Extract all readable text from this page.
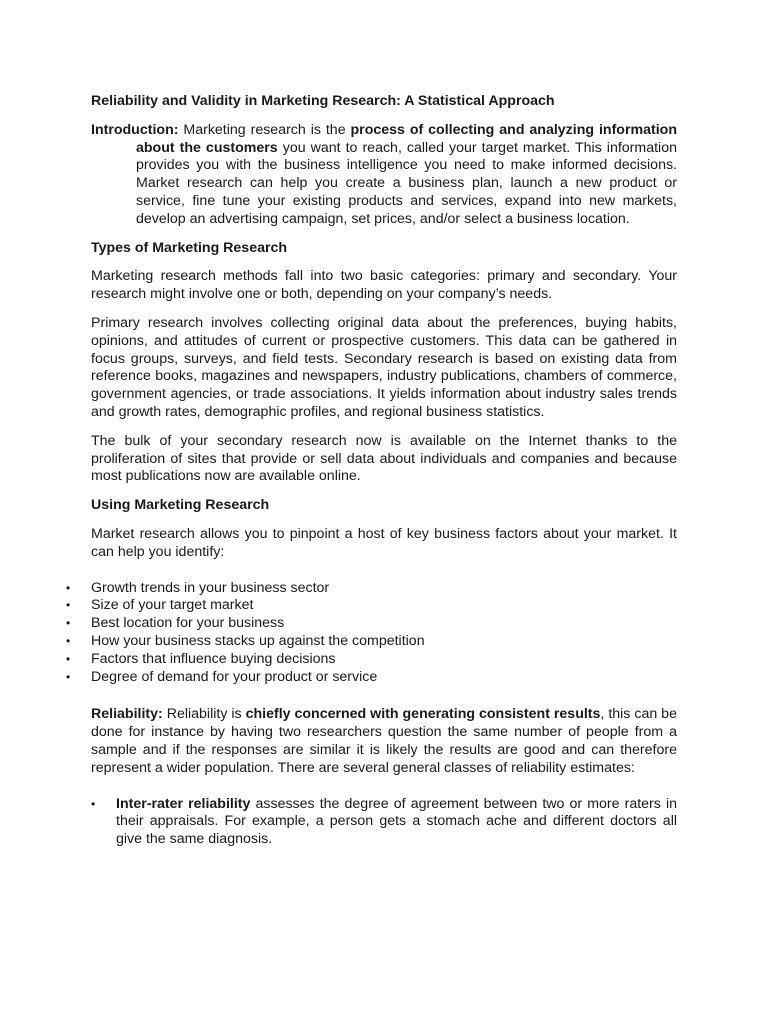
Reliability and Validity in Marketing Research: A Statistical Approach

Introduction: Marketing research is the process of collecting and analyzing information about the customers you want to reach, called your target market. This information provides you with the business intelligence you need to make informed decisions. Market research can help you create a business plan, launch a new product or service, fine tune your existing products and services, expand into new markets, develop an advertising campaign, set prices, and/or select a business location.

Types of Marketing Research

Marketing research methods fall into two basic categories: primary and secondary. Your research might involve one or both, depending on your company’s needs.

Primary research involves collecting original data about the preferences, buying habits, opinions, and attitudes of current or prospective customers. This data can be gathered in focus groups, surveys, and field tests. Secondary research is based on existing data from reference books, magazines and newspapers, industry publications, chambers of commerce, government agencies, or trade associations. It yields information about industry sales trends and growth rates, demographic profiles, and regional business statistics.

The bulk of your secondary research now is available on the Internet thanks to the proliferation of sites that provide or sell data about individuals and companies and because most publications now are available online.

Using Marketing Research

Market research allows you to pinpoint a host of key business factors about your market. It can help you identify:

•	Growth trends in your business sector
•	Size of your target market
•	Best location for your business
•	How your business stacks up against the competition
•	Factors that influence buying decisions
•	Degree of demand for your product or service

Reliability: Reliability is chiefly concerned with generating consistent results, this can be done for instance by having two researchers question the same number of people from a sample and if the responses are similar it is likely the results are good and can therefore represent a wider population. There are several general classes of reliability estimates:

• Inter-rater reliability assesses the degree of agreement between two or more raters in their appraisals. For example, a person gets a stomach ache and different doctors all give the same diagnosis.
